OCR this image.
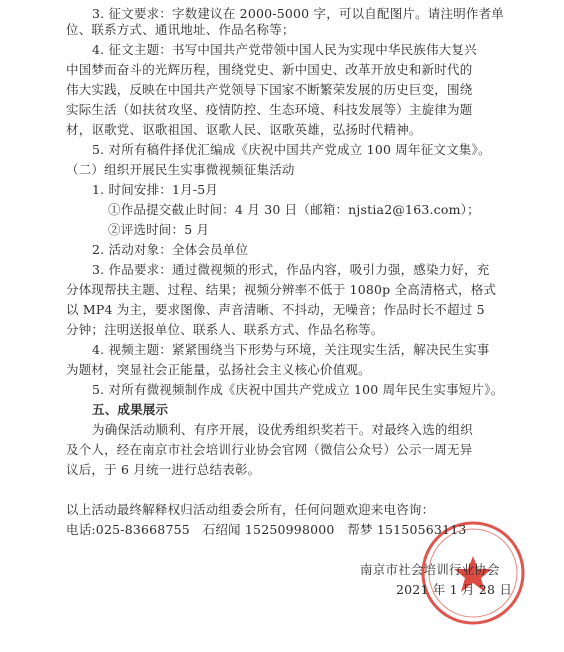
3. 征文要求：字数建议在 2000-5000 字，可以自配图片。请注明作者单
位、联系方式、通讯地址、作品名称等；
4. 征文主题：书写中国共产党带领中国人民为实现中华民族伟大复兴
中国梦而奋斗的光辉历程，围绕党史、新中国史、改革开放史和新时代的
伟大实践，反映在中国共产党领导下国家不断繁荣发展的历史巨变，围绕
实际生活（如扶贫攻坚、疫情防控、生态环境、科技发展等）主旋律为题
材，讴歌党、讴歌祖国、讴歌人民、讴歌英雄，弘扬时代精神。
5. 对所有稿件择优汇编成《庆祝中国共产党成立 100 周年征文文集》。
（二）组织开展民生实事微视频征集活动
1. 时间安排：1月-5月
①作品提交截止时间：4 月 30 日（邮箱：njstia2@163.com）；
②评选时间：5 月
2. 活动对象：全体会员单位
3. 作品要求：通过微视频的形式，作品内容，吸引力强，感染力好，充
分体现帮扶主题、过程、结果；视频分辨率不低于 1080p 全高清格式，格式
以 MP4 为主，要求图像、声音清晰、不抖动，无噪音；作品时长不超过 5
分钟；注明送报单位、联系人、联系方式、作品名称等。
4. 视频主题：紧紧围绕当下形势与环境，关注现实生活，解决民生实事
为题材，突显社会正能量，弘扬社会主义核心价值观。
5. 对所有微视频制作成《庆祝中国共产党成立 100 周年民生实事短片》。
五、成果展示
为确保活动顺利、有序开展，设优秀组织奖若干。对最终入选的组织
及个人，经在南京市社会培训行业协会官网（微信公众号）公示一周无异
议后，于 6 月统一进行总结表彰。
以上活动最终解释权归活动组委会所有，任何问题欢迎来电咨询：
电话:025-83668755　石绍闻 15250998000　帮梦 15150563113
南京市社会培训行业协会
2021 年 1 月 28 日
